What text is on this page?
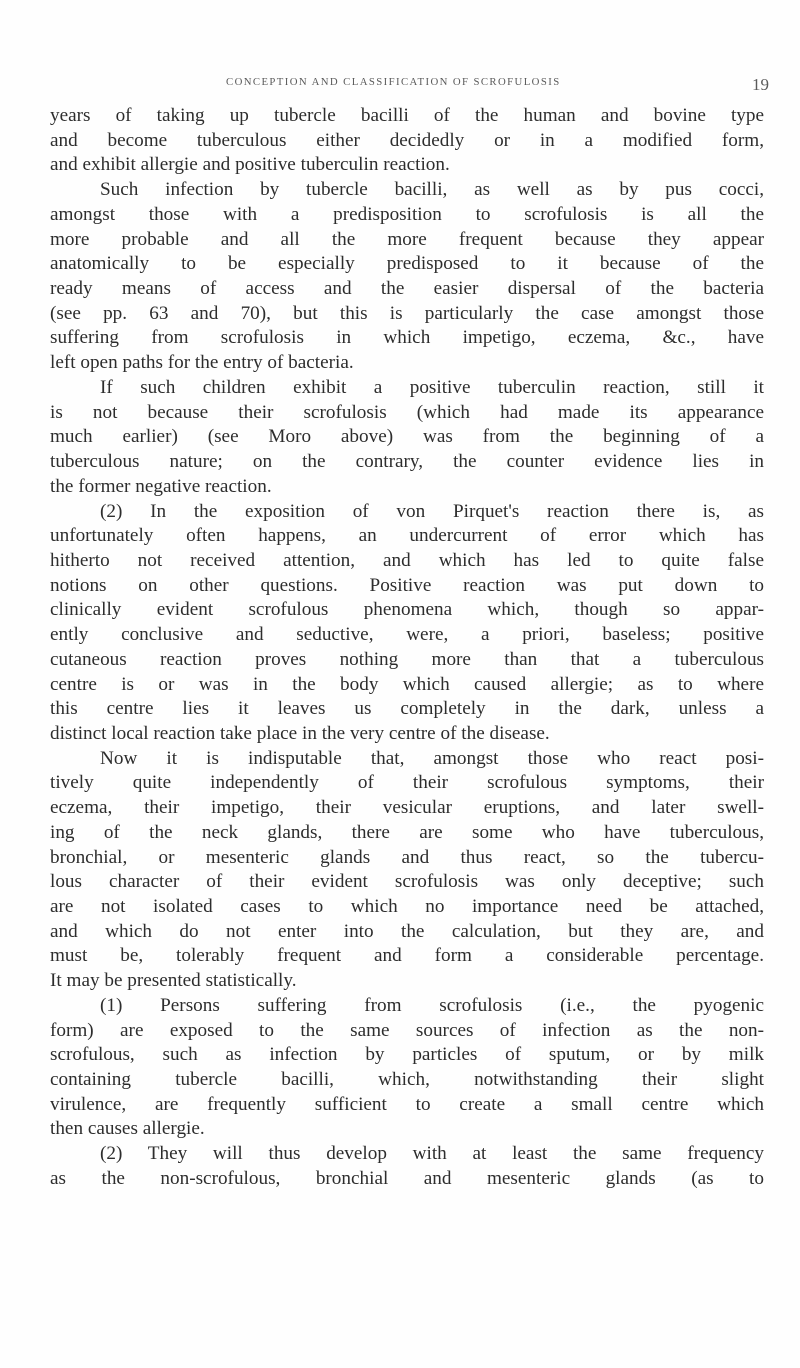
CONCEPTION AND CLASSIFICATION OF SCROFULOSIS	19
years of taking up tubercle bacilli of the human and bovine type
and become tuberculous either decidedly or in a modified form,
and exhibit allergie and positive tuberculin reaction.
Such infection by tubercle bacilli, as well as by pus cocci,
amongst those with a predisposition to scrofulosis is all the
more probable and all the more frequent because they appear
anatomically to be especially predisposed to it because of the
ready means of access and the easier dispersal of the bacteria
(see pp. 63 and 70), but this is particularly the case amongst those
suffering from scrofulosis in which impetigo, eczema, &c., have
left open paths for the entry of bacteria.
If such children exhibit a positive tuberculin reaction, still it
is not because their scrofulosis (which had made its appearance
much earlier) (see Moro above) was from the beginning of a
tuberculous nature; on the contrary, the counter evidence lies in
the former negative reaction.
(2) In the exposition of von Pirquet's reaction there is, as
unfortunately often happens, an undercurrent of error which has
hitherto not received attention, and which has led to quite false
notions on other questions. Positive reaction was put down to
clinically evident scrofulous phenomena which, though so appar-
ently conclusive and seductive, were, a priori, baseless; positive
cutaneous reaction proves nothing more than that a tuberculous
centre is or was in the body which caused allergie; as to where
this centre lies it leaves us completely in the dark, unless a
distinct local reaction take place in the very centre of the disease.
Now it is indisputable that, amongst those who react posi-
tively quite independently of their scrofulous symptoms, their
eczema, their impetigo, their vesicular eruptions, and later swell-
ing of the neck glands, there are some who have tuberculous,
bronchial, or mesenteric glands and thus react, so the tubercu-
lous character of their evident scrofulosis was only deceptive; such
are not isolated cases to which no importance need be attached,
and which do not enter into the calculation, but they are, and
must be, tolerably frequent and form a considerable percentage.
It may be presented statistically.
(1) Persons suffering from scrofulosis (i.e., the pyogenic
form) are exposed to the same sources of infection as the non-
scrofulous, such as infection by particles of sputum, or by milk
containing tubercle bacilli, which, notwithstanding their slight
virulence, are frequently sufficient to create a small centre which
then causes allergie.
(2) They will thus develop with at least the same frequency
as the non-scrofulous, bronchial and mesenteric glands (as to
